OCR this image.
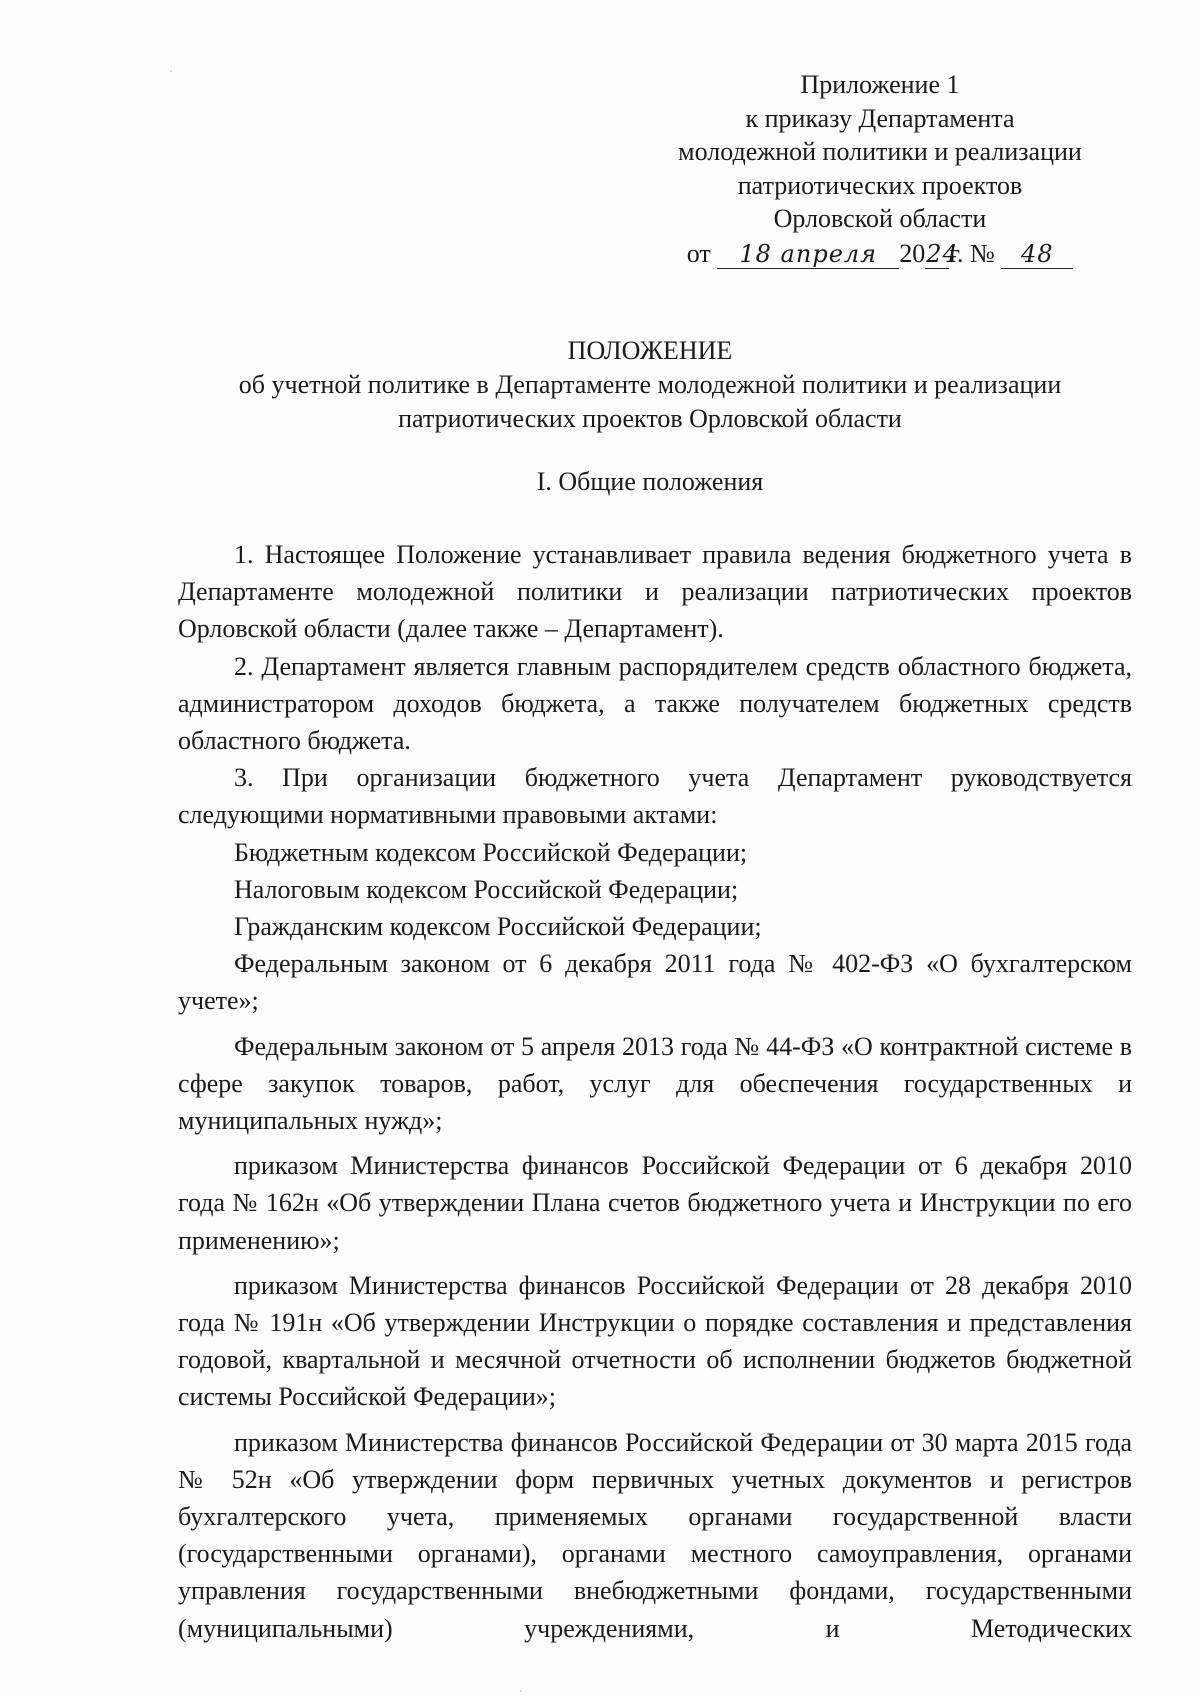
Приложение 1
к приказу Департамента
молодежной политики и реализации
патриотических проектов
Орловской области
от 18 апреля 2024г. № 48
ПОЛОЖЕНИЕ
об учетной политике в Департаменте молодежной политики и реализации
патриотических проектов Орловской области
I. Общие положения

1. Настоящее Положение устанавливает правила ведения бюджетного учета в Департаменте молодежной политики и реализации патриотических проектов Орловской области (далее также – Департамент).

2. Департамент является главным распорядителем средств областного бюджета, администратором доходов бюджета, а также получателем бюджетных средств областного бюджета.

3. При организации бюджетного учета Департамент руководствуется следующими нормативными правовыми актами:

Бюджетным кодексом Российской Федерации;

Налоговым кодексом Российской Федерации;

Гражданским кодексом Российской Федерации;

Федеральным законом от 6 декабря 2011 года № 402-ФЗ «О бухгалтерском учете»;

Федеральным законом от 5 апреля 2013 года № 44-ФЗ «О контрактной системе в сфере закупок товаров, работ, услуг для обеспечения государственных и муниципальных нужд»;

приказом Министерства финансов Российской Федерации от 6 декабря 2010 года № 162н «Об утверждении Плана счетов бюджетного учета и Инструкции по его применению»;

приказом Министерства финансов Российской Федерации от 28 декабря 2010 года № 191н «Об утверждении Инструкции о порядке составления и представления годовой, квартальной и месячной отчетности об исполнении бюджетов бюджетной системы Российской Федерации»;

приказом Министерства финансов Российской Федерации от 30 марта 2015 года № 52н «Об утверждении форм первичных учетных документов и регистров бухгалтерского учета, применяемых органами государственной власти (государственными органами), органами местного самоуправления, органами управления государственными внебюджетными фондами, государственными (муниципальными) учреждениями, и Методических
